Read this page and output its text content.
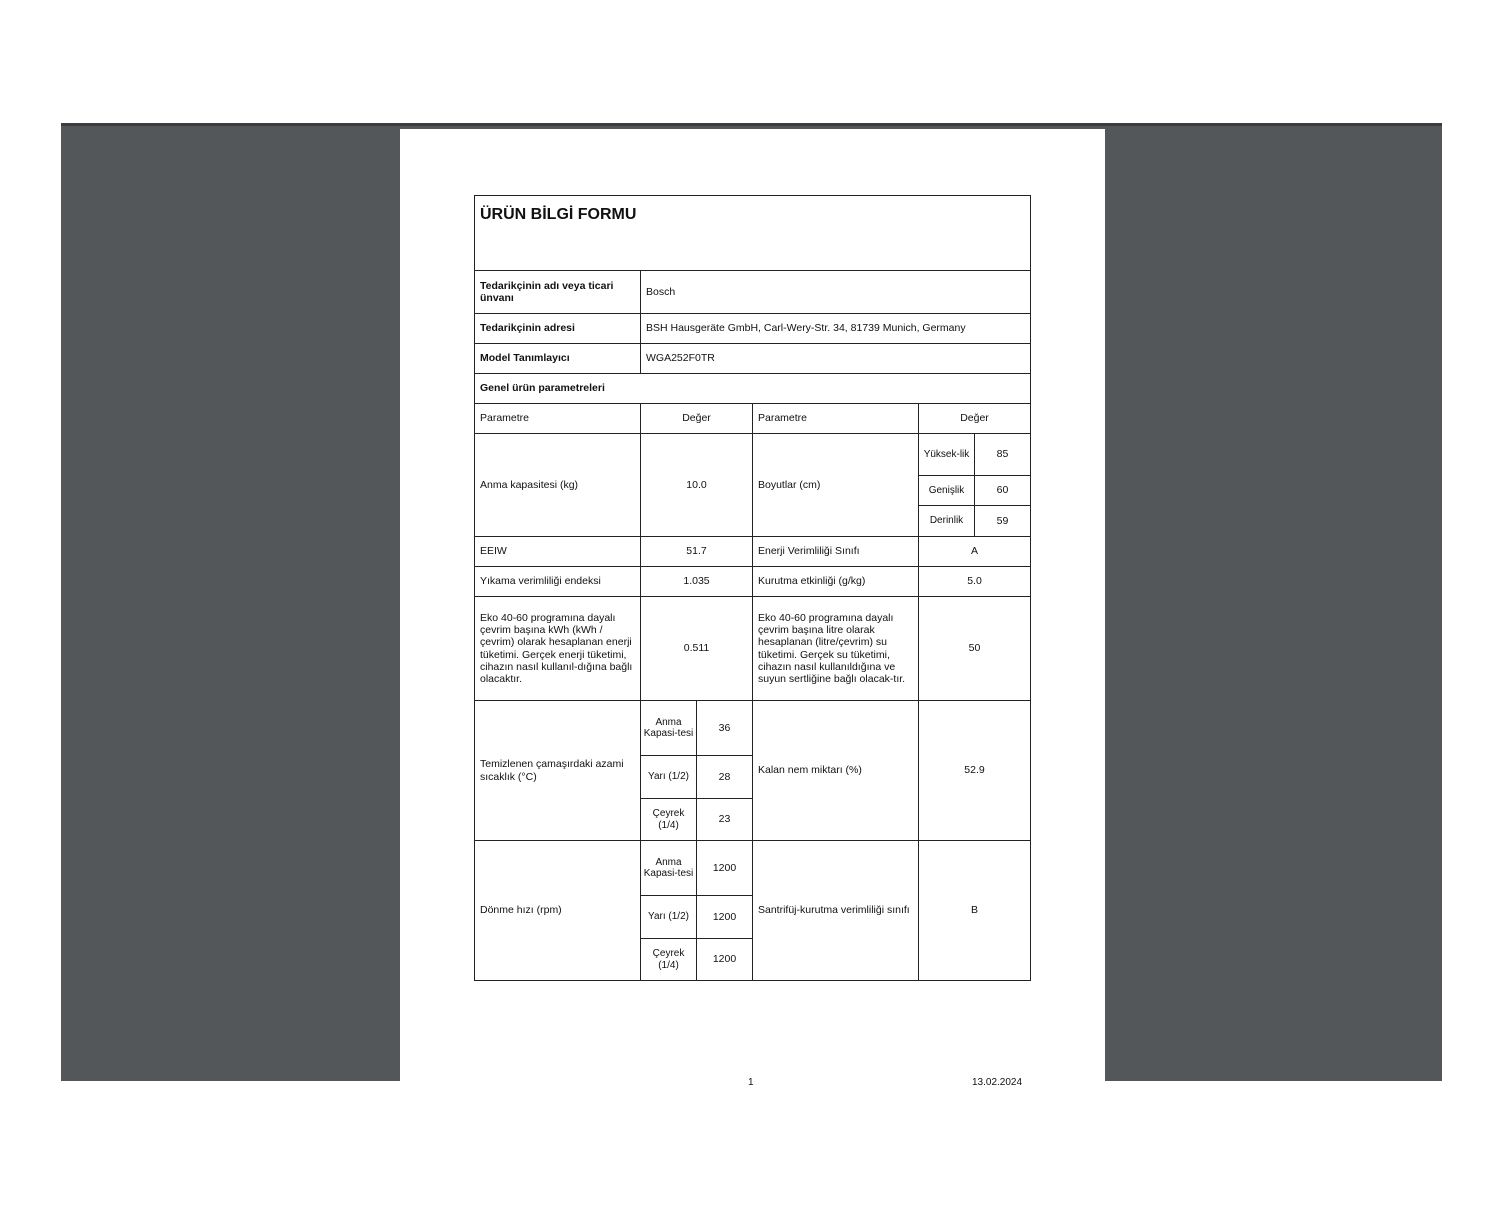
ÜRÜN BİLGİ FORMU					
Tedarikçinin adı veya ticari ünvanı	Bosch				
Tedarikçinin adresi	BSH Hausgeräte GmbH, Carl-Wery-Str. 34, 81739 Munich, Germany				
Model Tanımlayıcı	WGA252F0TR				
Genel ürün parametreleri					
Parametre	Değer		Parametre	Değer	
Anma kapasitesi (kg)	10.0		Boyutlar (cm)	Yüksek-lik	85
				Genişlik	60
				Derinlik	59
EEIW	51.7		Enerji Verimliliği Sınıfı	A	
Yıkama verimliliği endeksi	1.035		Kurutma etkinliği (g/kg)	5.0	
Eko 40-60 programına dayalı çevrim başına kWh (kWh / çevrim) olarak hesaplanan enerji tüketimi. Gerçek enerji tüketimi, cihazın nasıl kullanıl-dığına bağlı olacaktır.	0.511		Eko 40-60 programına dayalı çevrim başına litre olarak hesaplanan (litre/çevrim) su tüketimi. Gerçek su tüketimi, cihazın nasıl kullanıldığına ve suyun sertliğine bağlı olacak-tır.	50	
Temizlenen çamaşırdaki azami sıcaklık (°C)	Anma Kapasi-tesi	36	Kalan nem miktarı (%)	52.9	
	Yarı (1/2)	28			
	Çeyrek (1/4)	23			
Dönme hızı (rpm)	Anma Kapasi-tesi	1200	Santrifüj-kurutma verimliliği sınıfı	B	
	Yarı (1/2)	1200			
	Çeyrek (1/4)	1200			
1	13.02.2024
